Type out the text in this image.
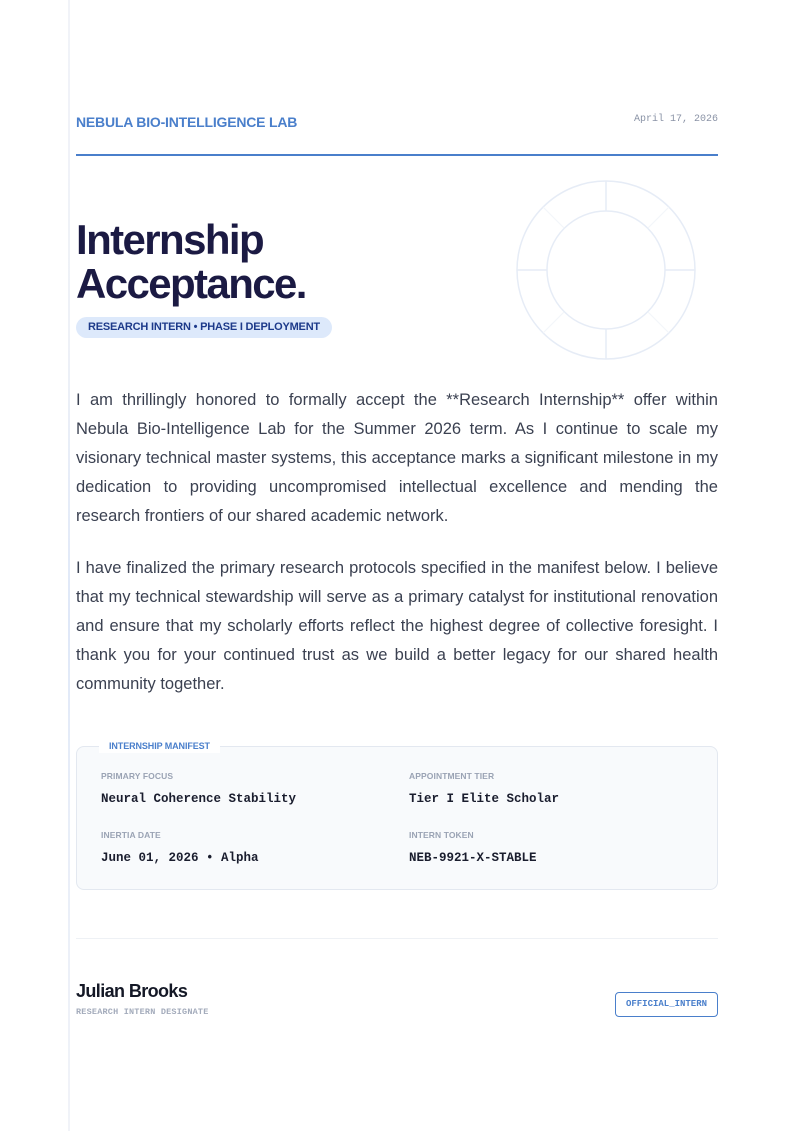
NEBULA BIO-INTELLIGENCE LAB	April 17, 2026
Internship
Acceptance.
RESEARCH INTERN • PHASE I DEPLOYMENT

I am thrillingly honored to formally accept the **Research Internship** offer within Nebula Bio-Intelligence Lab for the Summer 2026 term. As I continue to scale my visionary technical master systems, this acceptance marks a significant milestone in my dedication to providing uncompromised intellectual excellence and mending the research frontiers of our shared academic network.

I have finalized the primary research protocols specified in the manifest below. I believe that my technical stewardship will serve as a primary catalyst for institutional renovation and ensure that my scholarly efforts reflect the highest degree of collective foresight. I thank you for your continued trust as we build a better legacy for our shared health community together.

INTERNSHIP MANIFEST
PRIMARY FOCUS
Neural Coherence Stability
APPOINTMENT TIER
Tier I Elite Scholar
INERTIA DATE
June 01, 2026 • Alpha
INTERN TOKEN
NEB-9921-X-STABLE
Julian Brooks
RESEARCH INTERN DESIGNATE
OFFICIAL_INTERN
